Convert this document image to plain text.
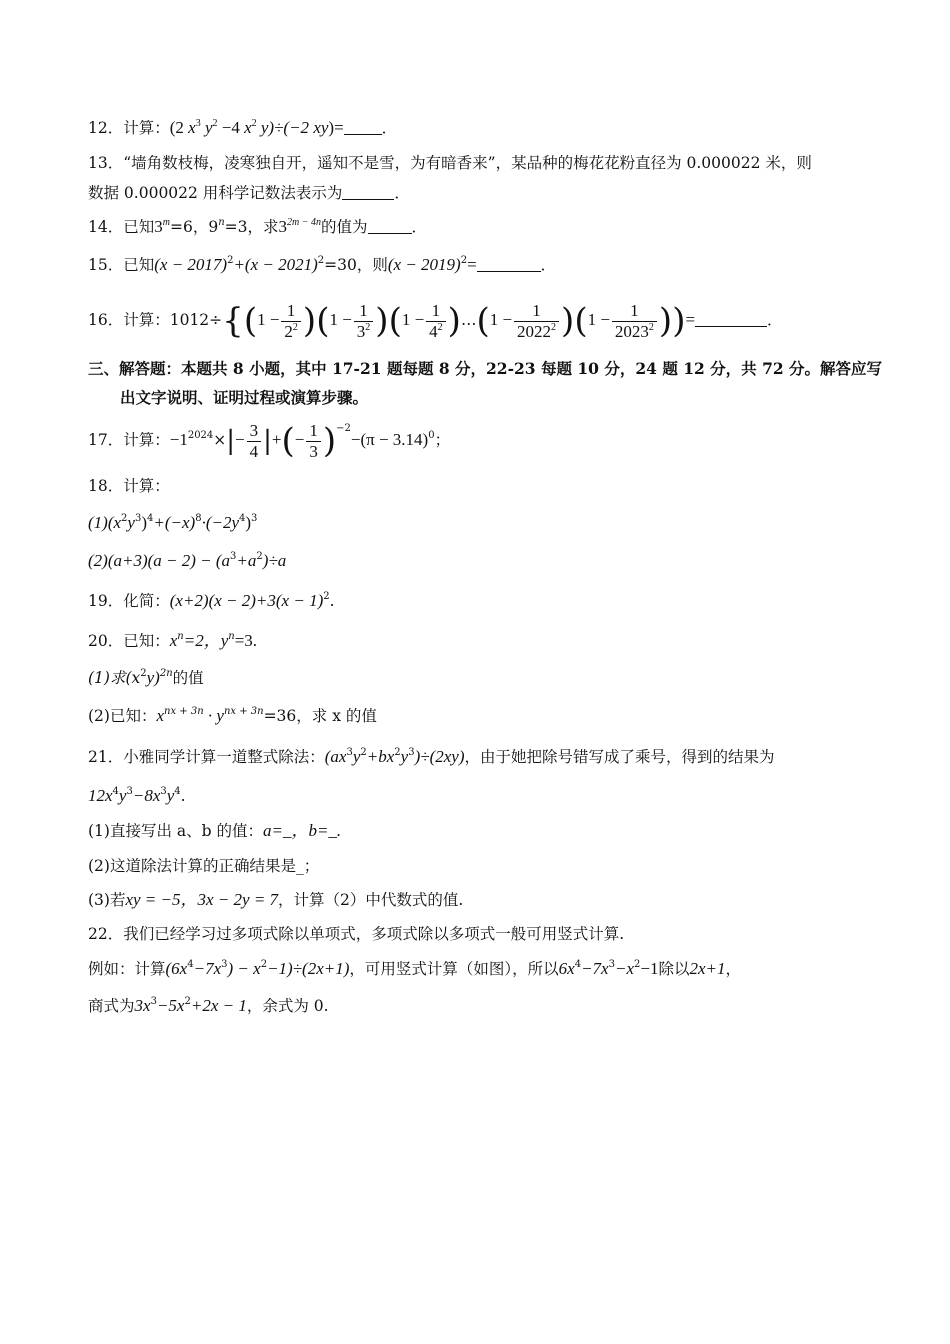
12．计算：(2 $x^3$ $y^2 -4$ $x^2$ y)÷(−2 xy)= ．
13．“墙角数枝梅，凌寒独自开，遥知不是雪，为有暗香来”，某品种的梅花花粉直径为 0.000022 米，则
数据 0.000022 用科学记数法表示为	．
14．已知$3^m=6$，$9^n=3$，求$3^{2m - 4n}$的值为	．
15．已知$(x - 2017)^2+(x - 2021)^2=30$，则$(x - 2019)^2=$	．
16．计算：$1012\div\{(1 - \frac{1}{2^2} )(1 - \frac{1}{3^2} )(1 - \frac{1}{4^2}$ )…(1 − $\frac{1}{2022^2} )(1 - \frac{1}{2023^2}$ ))=	．
三、解答题：本题共 8 小题，其中 17-21 题每题 8 分，22-23 每题 10 分，24 题 12 分，共 72 分。解答应写
出文字说明、证明过程或演算步骤。
17．计算：$-1^{2024}\times|- \frac{3}{4}$ |+(− $\frac{1}{3} )^{-2}-(\pi - 3.14)^0$；
18．计算：
$(1)(x^2y^3)^4+(-x)^8\cdot(-2y^4)^3$
$(2)(a+3)(a - 2) - (a^3+a^2)\div a$
19．化简：$(x+2)(x - 2)+3(x - 1)^2$.
20．已知：$x^n=2$，$y^n=3$.
(1)求$(x^2y)^{2n}$的值
(2)已知：$x^{nx + 3n} \cdot y^{nx + 3n}=36$，求 x 的值
21．小雅同学计算一道整式除法：$(ax^3y^2+bx^2y^3)\div(2xy)$，由于她把除号错写成了乘号，得到的结果为
$12x^4y^3-8x^3y^4$.
(1)直接写出 a、b 的值：a=_，b=_.
(2)这道除法计算的正确结果是_；
(3)若xy = −5，3x − 2y = 7，计算（2）中代数式的值.
22．我们已经学习过多项式除以单项式，多项式除以多项式一般可用竖式计算.
例如：计算$(6x^4-7x^3) - x^2-1)\div(2x+1)$，可用竖式计算（如图），所以$6x^4-7x^3-x^2-1$除以2x+1，
商式为$3x^3-5x^2+2x - 1$，余式为 0.
